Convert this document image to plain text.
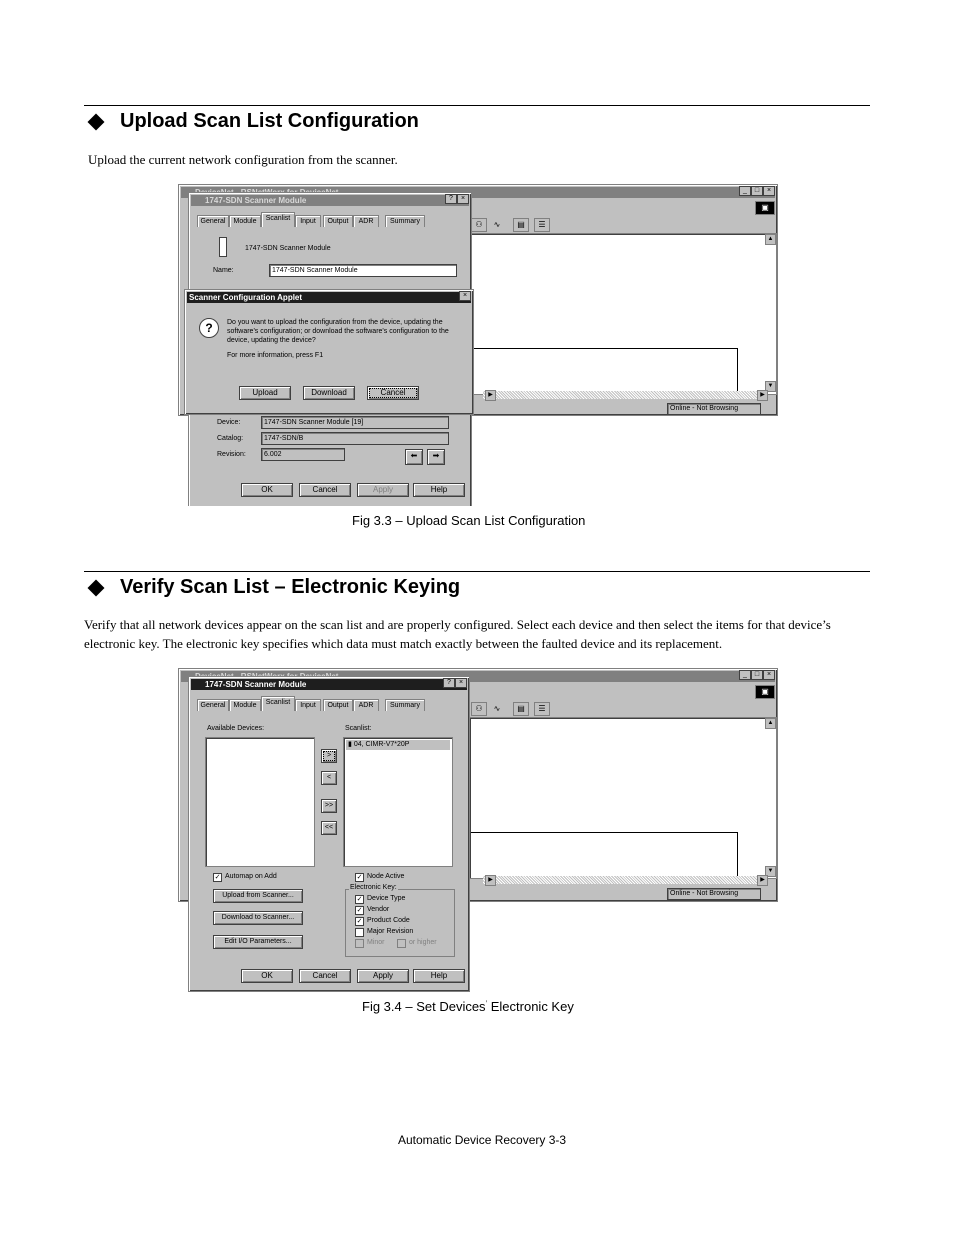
Upload Scan List Configuration
Upload the current network configuration from the scanner.
_	□	×
▣
⚇	∿	▤	☰
▲
▼
▶	▶
Online - Not Browsing
1747-SDN Scanner Module	?	×
General	Module	Scanlist	Input	Output	ADR	Summary
1747-SDN Scanner Module
Name:	1747-SDN Scanner Module
Device:	1747-SDN Scanner Module [19]
Catalog:	1747-SDN/B
Revision:	6.002	⬅	➡
OK	Cancel	Apply	Help
Scanner Configuration Applet	×
?	Do you want to upload the configuration from the device, updating the software's configuration; or download the software's configuration to the device, updating the device?
For more information, press F1
Upload	Download	Cancel
Fig 3.3 – Upload Scan List Configuration
Verify Scan List – Electronic Keying
Verify that all network devices appear on the scan list and are properly configured. Select each device and then select the items for that device’s electronic key. The electronic key specifies which data must match exactly between the faulted device and its replacement.
_	□	×
▣
⚇	∿	▤	☰
▲
▼
▶	▶
Online - Not Browsing
1747-SDN Scanner Module	?	×
General	Module	Scanlist	Input	Output	ADR	Summary
Available Devices:	Scanlist:
▮ 04, CIMR-V7*20P
>
<
>>
<<
✓ Automap on Add	✓ Node Active
Upload from Scanner...
Download to Scanner...
Edit I/O Parameters...
Electronic Key:
✓ Device Type
✓ Vendor
✓ Product Code
Major Revision
Minor	or higher
OK	Cancel	Apply	Help
Fig 3.4 – Set Devices’ Electronic Key
Automatic Device Recovery 3-3
